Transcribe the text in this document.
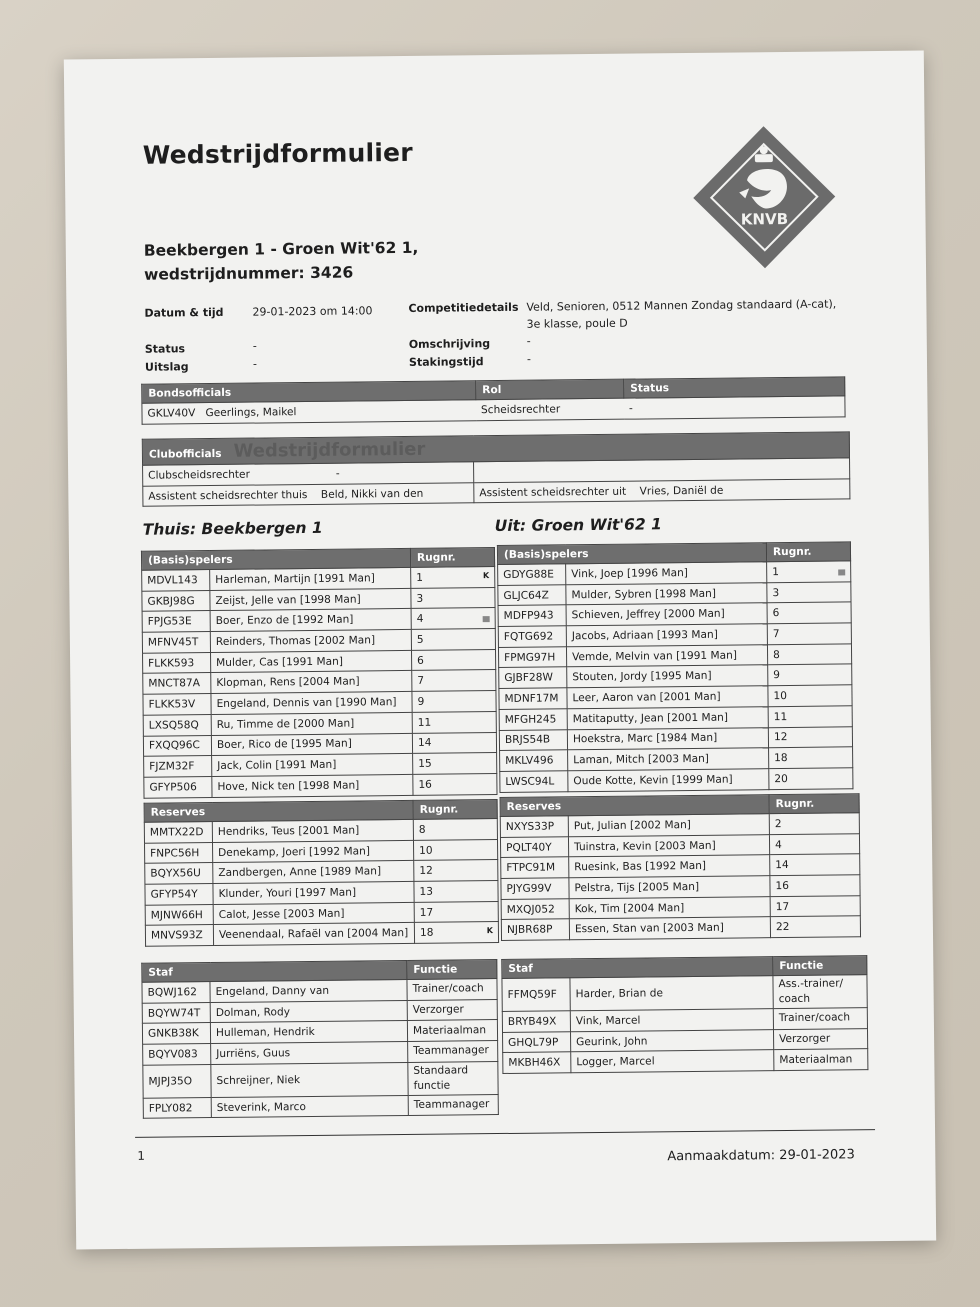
Wedstrijdformulier
Beekbergen 1 - Groen Wit'62 1,
wedstrijdnummer: 3426
KNVB
Datum & tijd	29-01-2023 om 14:00
Status	-
Uitslag	-
Competitiedetails Veld, Senioren, 0512 Mannen Zondag standaard (A-cat),
3e klasse, poule D
Omschrijving	-
Stakingstijd	-
Bondsofficials	Rol	Status
GKLV40V Geerlings, Maikel	Scheidsrechter	-
Clubofficials Wedstrijdformulier	
Clubscheidsrechter -	
Assistent scheidsrechter thuis Beld, Nikki van den	Assistent scheidsrechter uit Vries, Daniël de
Thuis: Beekbergen 1	Uit: Groen Wit'62 1
(Basis)spelers		Rugnr.
MDVL143	Harleman, Martijn [1991 Man]	1 K

GKBJ98G	Zeijst, Jelle van [1998 Man]	3
FPJG53E	Boer, Enzo de [1992 Man]	4

MFNV45T	Reinders, Thomas [2002 Man]	5
FLKK593	Mulder, Cas [1991 Man]	6
MNCT87A	Klopman, Rens [2004 Man]	7
FLKK53V	Engeland, Dennis van [1990 Man]	9
LXSQ58Q	Ru, Timme de [2000 Man]	11
FXQQ96C	Boer, Rico de [1995 Man]	14
FJZM32F	Jack, Colin [1991 Man]	15
GFYP506	Hove, Nick ten [1998 Man]	16
Reserves		Rugnr.
MMTX22D	Hendriks, Teus [2001 Man]	8
FNPC56H	Denekamp, Joeri [1992 Man]	10
BQYX56U	Zandbergen, Anne [1989 Man]	12
GFYP54Y	Klunder, Youri [1997 Man]	13
MJNW66H	Calot, Jesse [2003 Man]	17
MNVS93Z	Veenendaal, Rafaël van [2004 Man]	18 K
Staf		Functie
BQWJ162	Engeland, Danny van	Trainer/coach
BQYW74T	Dolman, Rody	Verzorger
GNKB38K	Hulleman, Hendrik	Materiaalman
BQYV083	Jurriëns, Guus	Teammanager
MJPJ35O	Schreijner, Niek	Standaard functie
FPLY082	Steverink, Marco	Teammanager
(Basis)spelers		Rugnr.
GDYG88E	Vink, Joep [1996 Man]	1

GLJC64Z	Mulder, Sybren [1998 Man]	3
MDFP943	Schieven, Jeffrey [2000 Man]	6
FQTG692	Jacobs, Adriaan [1993 Man]	7
FPMG97H	Vemde, Melvin van [1991 Man]	8
GJBF28W	Stouten, Jordy [1995 Man]	9
MDNF17M	Leer, Aaron van [2001 Man]	10
MFGH245	Matitaputty, Jean [2001 Man]	11
BRJS54B	Hoekstra, Marc [1984 Man]	12
MKLV496	Laman, Mitch [2003 Man]	18
LWSC94L	Oude Kotte, Kevin [1999 Man]	20
Reserves		Rugnr.
NXYS33P	Put, Julian [2002 Man]	2
PQLT40Y	Tuinstra, Kevin [2003 Man]	4
FTPC91M	Ruesink, Bas [1992 Man]	14
PJYG99V	Pelstra, Tijs [2005 Man]	16
MXQJ052	Kok, Tim [2004 Man]	17
NJBR68P	Essen, Stan van [2003 Man]	22
Staf		Functie
FFMQ59F	Harder, Brian de	Ass.-trainer/ coach
BRYB49X	Vink, Marcel	Trainer/coach
GHQL79P	Geurink, John	Verzorger
MKBH46X	Logger, Marcel	Materiaalman
1	Aanmaakdatum: 29-01-2023
